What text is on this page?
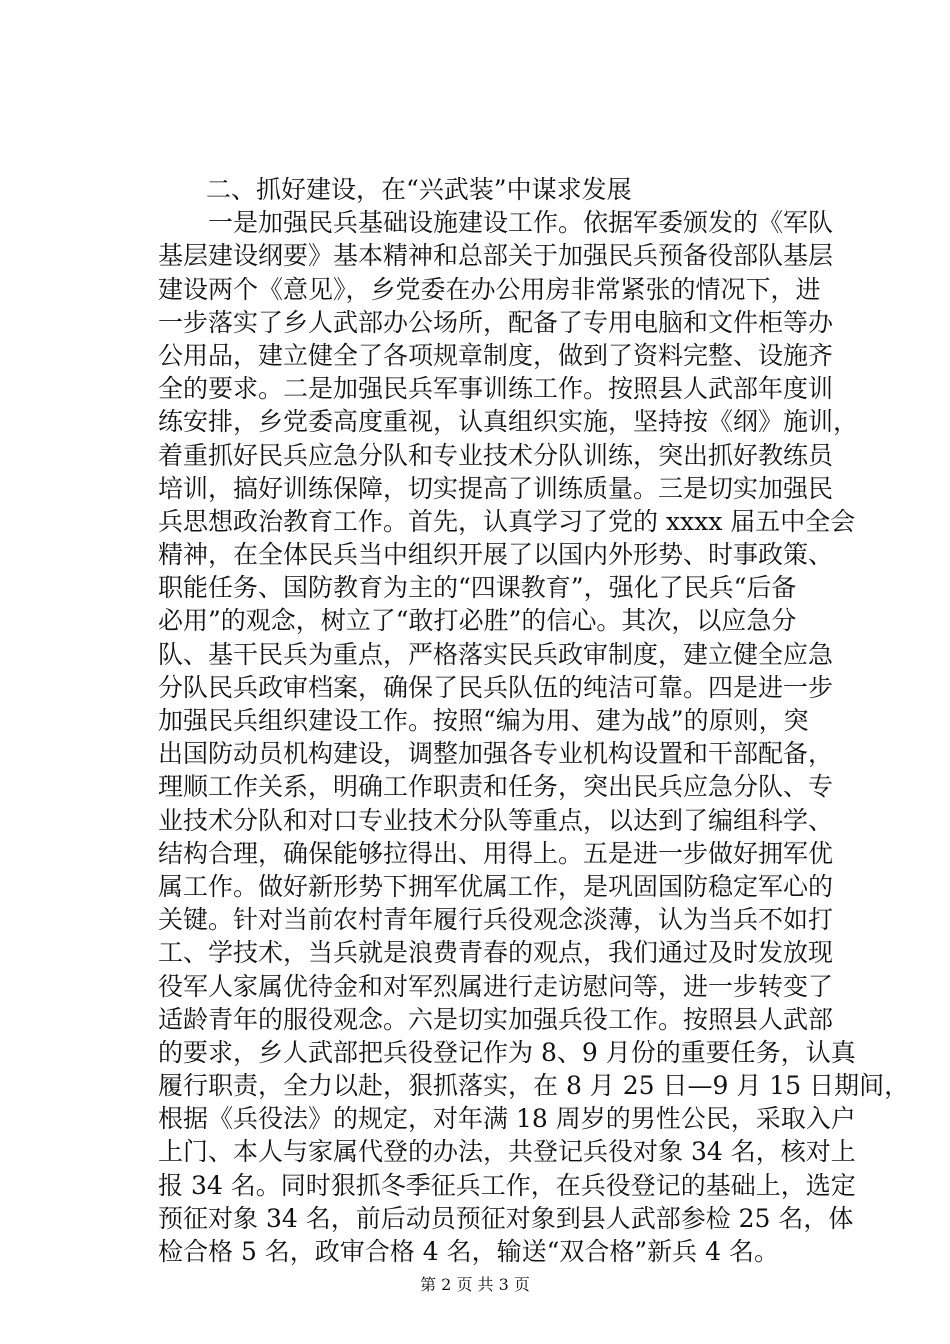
二、抓好建设，在“兴武装”中谋求发展
　　一是加强民兵基础设施建设工作。依据军委颁发的《军队
基层建设纲要》基本精神和总部关于加强民兵预备役部队基层
建设两个《意见》，乡党委在办公用房非常紧张的情况下，进
一步落实了乡人武部办公场所，配备了专用电脑和文件柜等办
公用品，建立健全了各项规章制度，做到了资料完整、设施齐
全的要求。二是加强民兵军事训练工作。按照县人武部年度训
练安排，乡党委高度重视，认真组织实施，坚持按《纲》施训，
着重抓好民兵应急分队和专业技术分队训练，突出抓好教练员
培训，搞好训练保障，切实提高了训练质量。三是切实加强民
兵思想政治教育工作。首先，认真学习了党的 xxxx 届五中全会
精神，在全体民兵当中组织开展了以国内外形势、时事政策、
职能任务、国防教育为主的“四课教育”，强化了民兵“后备
必用”的观念，树立了“敢打必胜”的信心。其次，以应急分
队、基干民兵为重点，严格落实民兵政审制度，建立健全应急
分队民兵政审档案，确保了民兵队伍的纯洁可靠。四是进一步
加强民兵组织建设工作。按照“编为用、建为战”的原则，突
出国防动员机构建设，调整加强各专业机构设置和干部配备，
理顺工作关系，明确工作职责和任务，突出民兵应急分队、专
业技术分队和对口专业技术分队等重点，以达到了编组科学、
结构合理，确保能够拉得出、用得上。五是进一步做好拥军优
属工作。做好新形势下拥军优属工作，是巩固国防稳定军心的
关键。针对当前农村青年履行兵役观念淡薄，认为当兵不如打
工、学技术，当兵就是浪费青春的观点，我们通过及时发放现
役军人家属优待金和对军烈属进行走访慰问等，进一步转变了
适龄青年的服役观念。六是切实加强兵役工作。按照县人武部
的要求，乡人武部把兵役登记作为 8、9 月份的重要任务，认真
履行职责，全力以赴，狠抓落实，在 8 月 25 日—9 月 15 日期间，
根据《兵役法》的规定，对年满 18 周岁的男性公民，采取入户
上门、本人与家属代登的办法，共登记兵役对象 34 名，核对上
报 34 名。同时狠抓冬季征兵工作，在兵役登记的基础上，选定
预征对象 34 名，前后动员预征对象到县人武部参检 25 名，体
检合格 5 名，政审合格 4 名，输送“双合格”新兵 4 名。
第 2 页 共 3 页
